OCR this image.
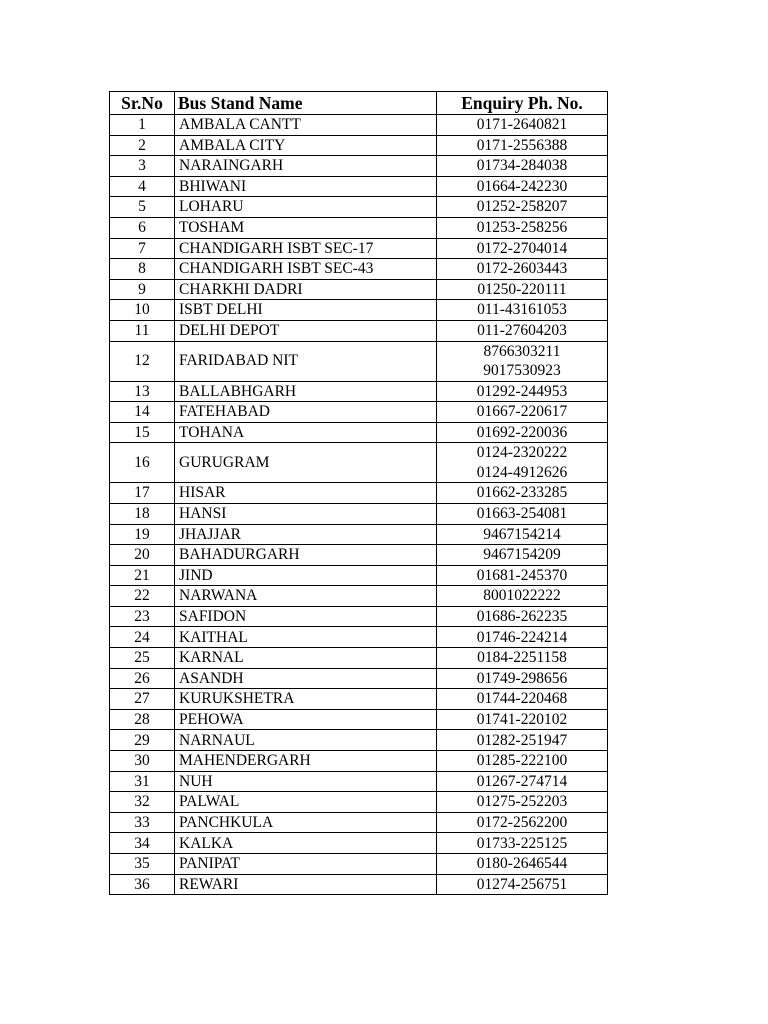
Sr.No	Bus Stand Name	Enquiry Ph. No.
1	AMBALA CANTT	0171-2640821

2	AMBALA CITY	0171-2556388

3	NARAINGARH	01734-284038

4	BHIWANI	01664-242230

5	LOHARU	01252-258207

6	TOSHAM	01253-258256

7	CHANDIGARH ISBT SEC-17	0172-2704014

8	CHANDIGARH ISBT SEC-43	0172-2603443

9	CHARKHI DADRI	01250-220111

10	ISBT DELHI	011-43161053

11	DELHI DEPOT	011-27604203

12	FARIDABAD NIT	8766303211
9017530923

13	BALLABHGARH	01292-244953

14	FATEHABAD	01667-220617

15	TOHANA	01692-220036

16	GURUGRAM	0124-2320222
0124-4912626

17	HISAR	01662-233285

18	HANSI	01663-254081

19	JHAJJAR	9467154214

20	BAHADURGARH	9467154209

21	JIND	01681-245370

22	NARWANA	8001022222

23	SAFIDON	01686-262235

24	KAITHAL	01746-224214

25	KARNAL	0184-2251158

26	ASANDH	01749-298656

27	KURUKSHETRA	01744-220468

28	PEHOWA	01741-220102

29	NARNAUL	01282-251947

30	MAHENDERGARH	01285-222100

31	NUH	01267-274714

32	PALWAL	01275-252203

33	PANCHKULA	0172-2562200

34	KALKA	01733-225125

35	PANIPAT	0180-2646544

36	REWARI	01274-256751
